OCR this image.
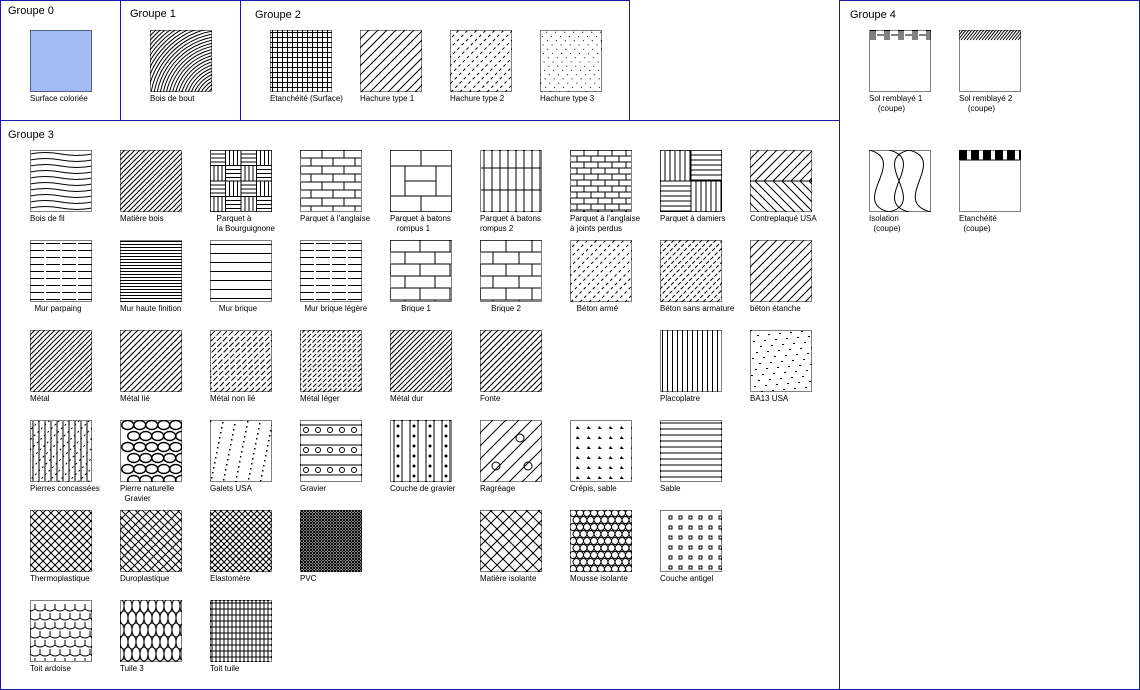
Groupe 0	Groupe 1	Groupe 2
Groupe 3
Groupe 4
Surface coloriée	Bois de bout	Etanchéité (Surface)	Hachure type 1	Hachure type 2	Hachure type 3
Bois de fil	Matière bois	Parquet à
la Bourguignone
Parquet à l'anglaise	Parquet à batons
rompus 1
Parquet à batons
rompus 2
Parquet à l'anglaise
à joints perdus
Parquet à damiers	Contreplaqué USA
Mur parpaing	Mur haute finition	Mur brique	Mur brique légère	Brique 1	Brique 2	Béton armé	Béton sans armature	béton étanche
Métal	Métal lié	Métal non lié	Métal léger	Métal dur	Fonte	Placoplatre	BA13 USA
Pierres concassées	Pierre naturelle
Gravier
Galets USA	Gravier	Couche de gravier	Ragréage	Crépis, sable	Sable
Thermoplastique	Duroplastique	Elastomère	PVC	Matière isolante	Mousse isolante	Couche antigel
Toit ardoise	Tuile 3	Toit tuile
Sol remblayé 1
(coupe)
Sol remblayé 2
(coupe)
Isolation
(coupe)
Etanchéité
(coupe)
